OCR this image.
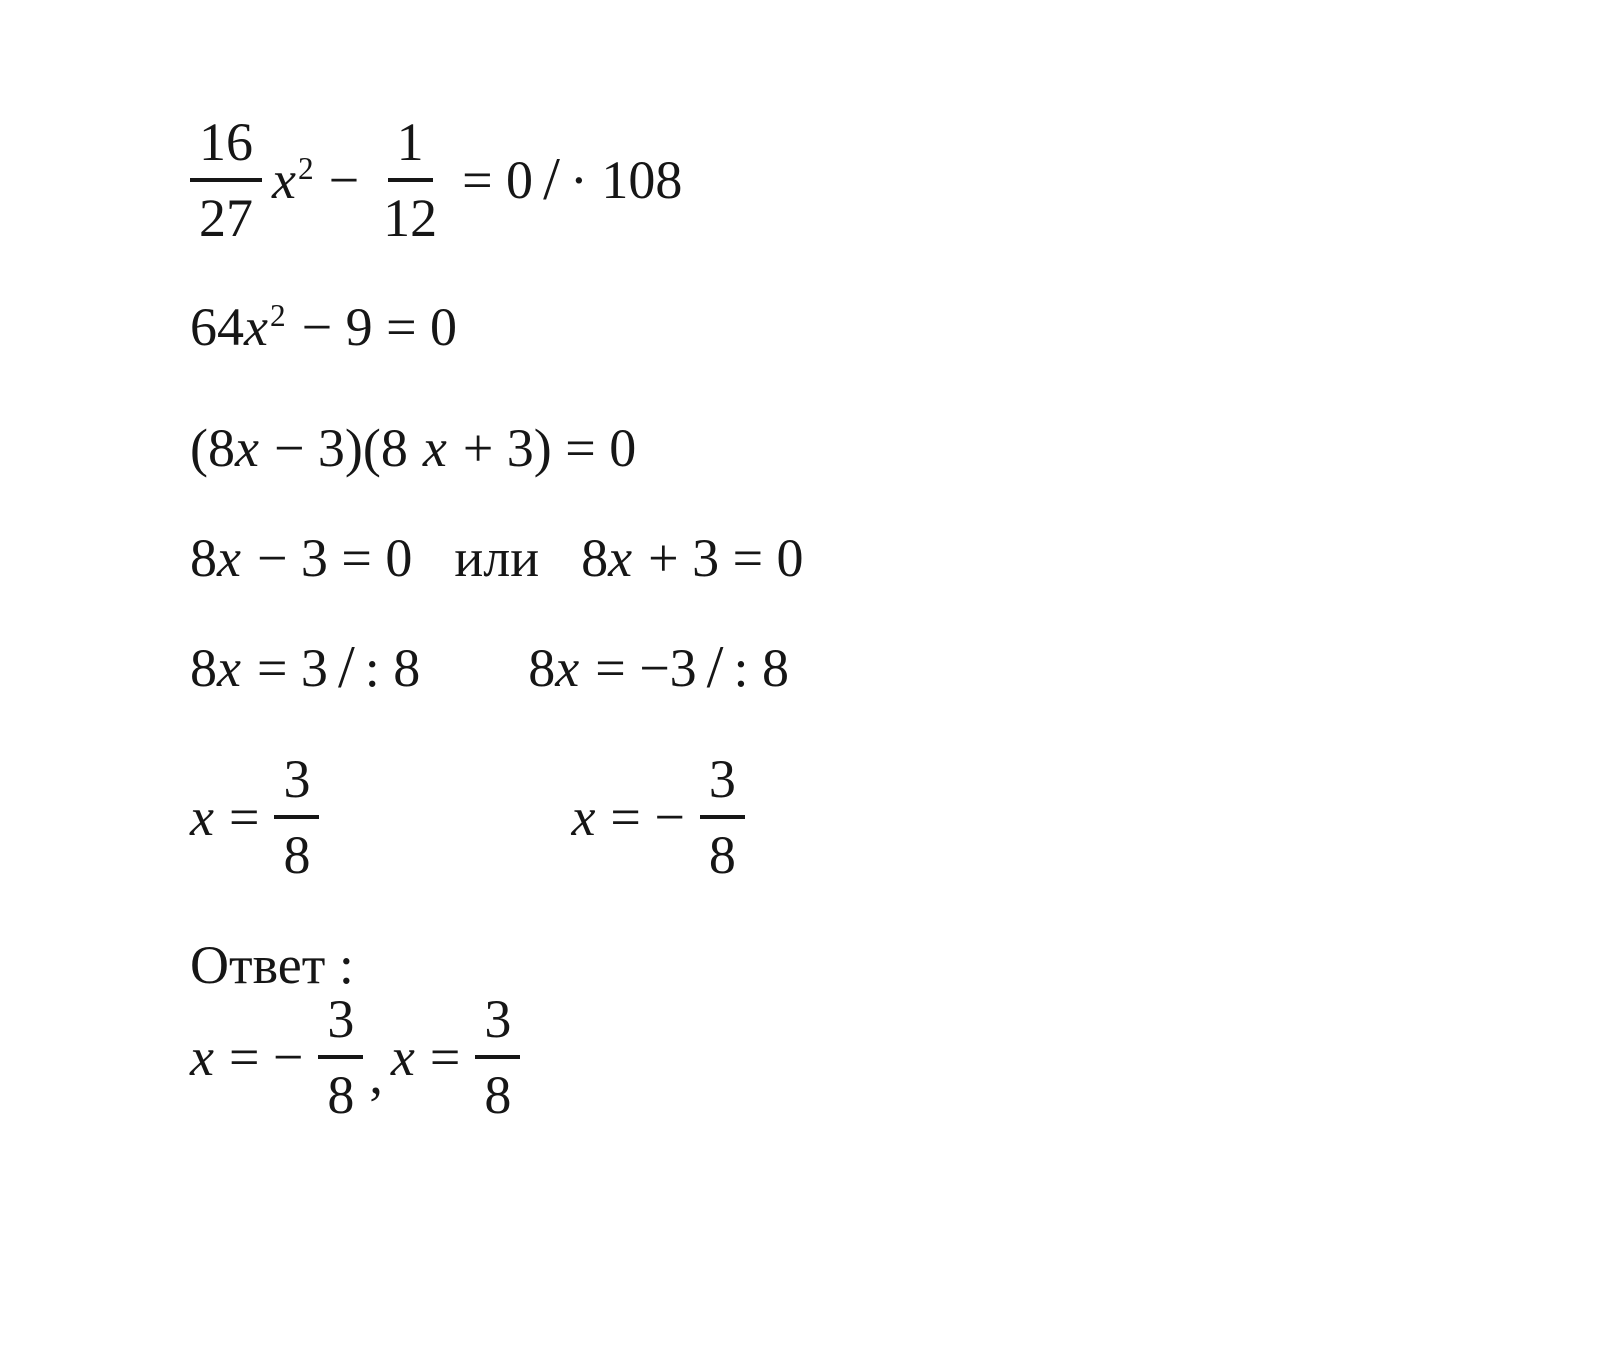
$\frac{16}{27} x^2 - \frac{1}{12} = 0$ / · 108
64 $x^2 - 9 = 0$
(8 x − 3)(8 x + 3) = 0
8 x − 3 = 0 или 8 x + 3 = 0
8 x = 3 / : 8 8 x = −3 / : 8
$x = \frac{3}{8}$	x = − $\frac{3}{8}$
Ответ :
x = − $\frac{3}{8}$ , $x = \frac{3}{8}$
